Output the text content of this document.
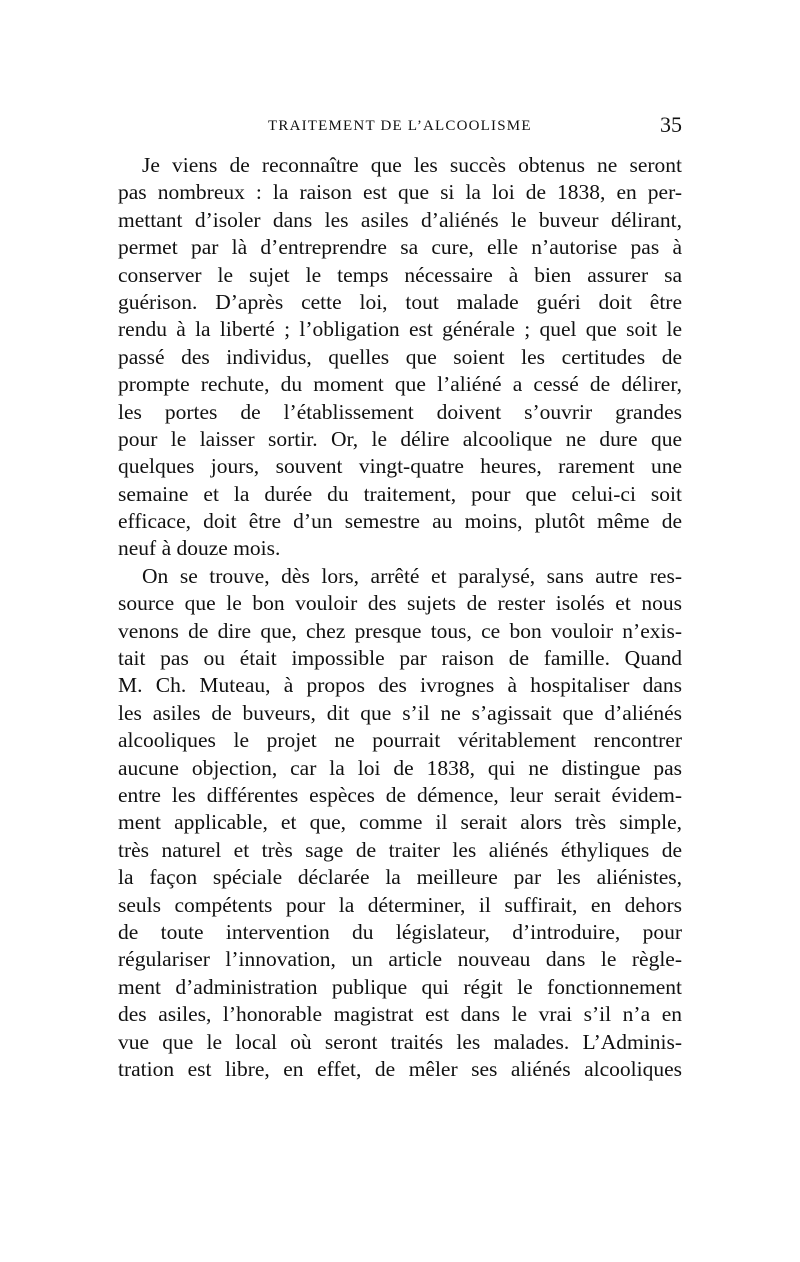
TRAITEMENT DE L’ALCOOLISME	35
Je viens de reconnaître que les succès obtenus ne seront
pas nombreux : la raison est que si la loi de 1838, en per-
mettant d’isoler dans les asiles d’aliénés le buveur délirant,
permet par là d’entreprendre sa cure, elle n’autorise pas à
conserver le sujet le temps nécessaire à bien assurer sa
guérison. D’après cette loi, tout malade guéri doit être
rendu à la liberté ; l’obligation est générale ; quel que soit le
passé des individus, quelles que soient les certitudes de
prompte rechute, du moment que l’aliéné a cessé de délirer,
les portes de l’établissement doivent s’ouvrir grandes
pour le laisser sortir. Or, le délire alcoolique ne dure que
quelques jours, souvent vingt-quatre heures, rarement une
semaine et la durée du traitement, pour que celui-ci soit
efficace, doit être d’un semestre au moins, plutôt même de
neuf à douze mois.
On se trouve, dès lors, arrêté et paralysé, sans autre res-
source que le bon vouloir des sujets de rester isolés et nous
venons de dire que, chez presque tous, ce bon vouloir n’exis-
tait pas ou était impossible par raison de famille. Quand
M. Ch. Muteau, à propos des ivrognes à hospitaliser dans
les asiles de buveurs, dit que s’il ne s’agissait que d’aliénés
alcooliques le projet ne pourrait véritablement rencontrer
aucune objection, car la loi de 1838, qui ne distingue pas
entre les différentes espèces de démence, leur serait évidem-
ment applicable, et que, comme il serait alors très simple,
très naturel et très sage de traiter les aliénés éthyliques de
la façon spéciale déclarée la meilleure par les aliénistes,
seuls compétents pour la déterminer, il suffirait, en dehors
de toute intervention du législateur, d’introduire, pour
régulariser l’innovation, un article nouveau dans le règle-
ment d’administration publique qui régit le fonctionnement
des asiles, l’honorable magistrat est dans le vrai s’il n’a en
vue que le local où seront traités les malades. L’Adminis-
tration est libre, en effet, de mêler ses aliénés alcooliques
